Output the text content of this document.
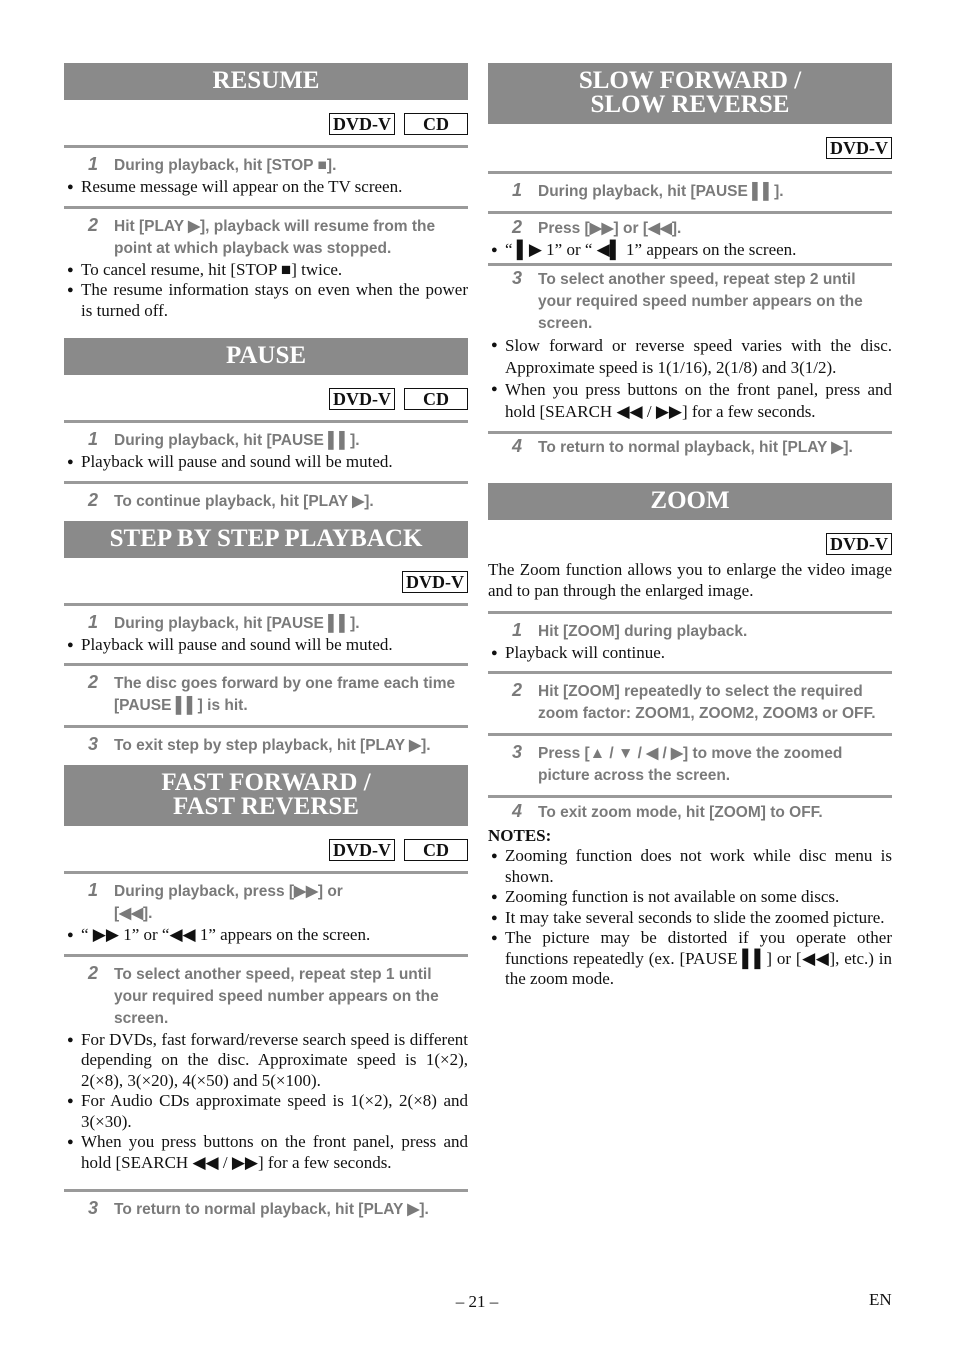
RESUME
DVD-V	CD
1	During playback, hit [STOP ■].
● Resume message will appear on the TV screen.
2	Hit [PLAY ▶], playback will resume from the point at which playback was stopped.
● To cancel resume, hit [STOP ■] twice.
● The resume information stays on even when the power is turned off.
PAUSE
DVD-V	CD
1	During playback, hit [PAUSE ▌▌].
● Playback will pause and sound will be muted.
2	To continue playback, hit [PLAY ▶].
STEP BY STEP PLAYBACK
DVD-V
1	During playback, hit [PAUSE ▌▌].
● Playback will pause and sound will be muted.
2	The disc goes forward by one frame each time [PAUSE ▌▌] is hit.
3	To exit step by step playback, hit [PLAY ▶].
FAST FORWARD /
FAST REVERSE
DVD-V	CD
1	During playback, press [▶▶] or [◀◀].
● “ ▶▶ 1” or “◀◀ 1” appears on the screen.
2	To select another speed, repeat step 1 until your required speed number appears on the screen.
● For DVDs, fast forward/reverse search speed is different depending on the disc. Approximate speed is 1(×2), 2(×8), 3(×20), 4(×50) and 5(×100).
● For Audio CDs approximate speed is 1(×2), 2(×8) and 3(×30).
● When you press buttons on the front panel, press and hold [SEARCH ◀◀ / ▶▶] for a few seconds.
3	To return to normal playback, hit [PLAY ▶].
SLOW FORWARD /
SLOW REVERSE
DVD-V
1	During playback, hit [PAUSE ▌▌].
2	Press [▶▶] or [◀◀].
● “ ▌▶ 1” or “ ◀▌ 1” appears on the screen.
3	To select another speed, repeat step 2 until your required speed number appears on the screen.
● Slow forward or reverse speed varies with the disc. Approximate speed is 1(1/16), 2(1/8) and 3(1/2).
● When you press buttons on the front panel, press and hold [SEARCH ◀◀ / ▶▶] for a few seconds.
4	To return to normal playback, hit [PLAY ▶].
ZOOM
DVD-V

The Zoom function allows you to enlarge the video image and to pan through the enlarged image.

1	Hit [ZOOM] during playback.
● Playback will continue.
2	Hit [ZOOM] repeatedly to select the required zoom factor: ZOOM1, ZOOM2, ZOOM3 or OFF.
3	Press [▲ / ▼ / ◀ / ▶] to move the zoomed picture across the screen.
4	To exit zoom mode, hit [ZOOM] to OFF.
NOTES:
● Zooming function does not work while disc menu is shown.
● Zooming function is not available on some discs.
● It may take several seconds to slide the zoomed picture.
● The picture may be distorted if you operate other functions repeatedly (ex. [PAUSE ▌▌] or [◀◀], etc.) in the zoom mode.
– 21 –	EN
